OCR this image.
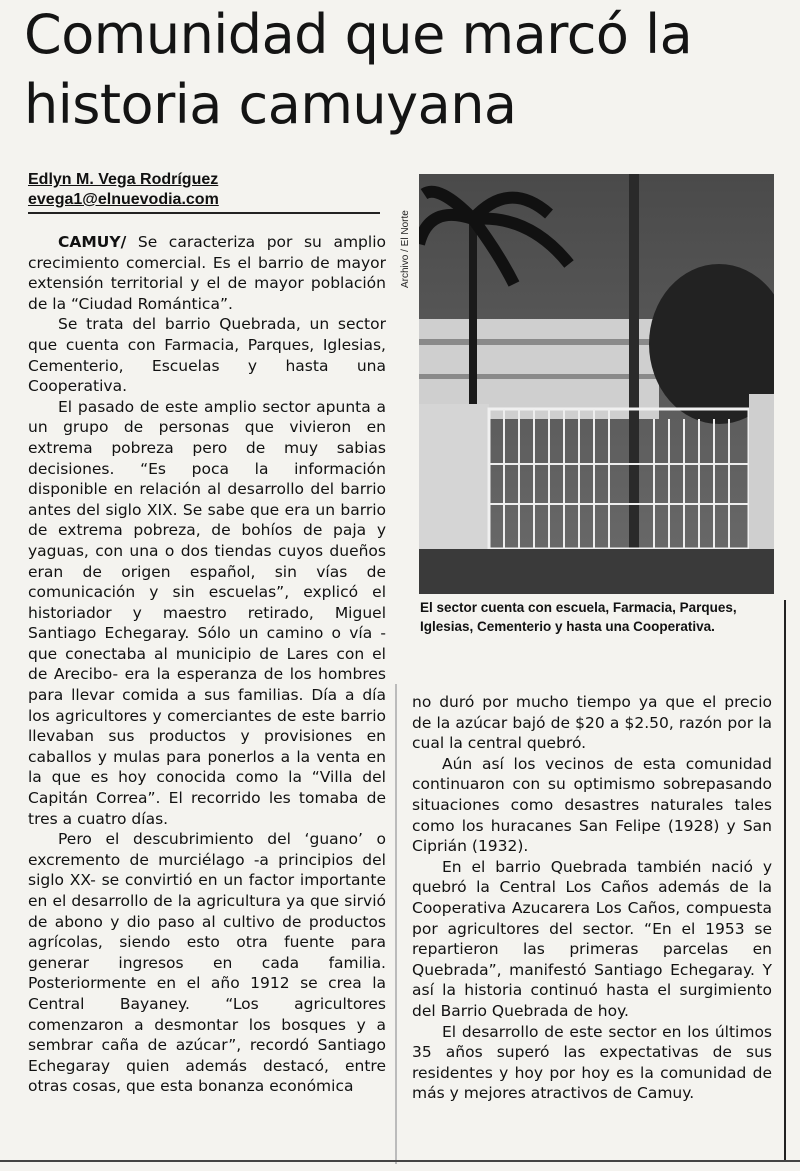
Comunidad que marcó la historia camuyana
Edlyn M. Vega Rodríguez
evega1@elnuevodia.com

CAMUY/ Se caracteriza por su amplio crecimiento comercial. Es el barrio de mayor extensión territorial y el de mayor población de la “Ciudad Romántica”.

Se trata del barrio Quebrada, un sector que cuenta con Farmacia, Parques, Iglesias, Cementerio, Escuelas y hasta una Cooperativa.

El pasado de este amplio sector apunta a un grupo de personas que vivieron en extrema pobreza pero de muy sabias decisiones. “Es poca la información disponible en relación al desarrollo del barrio antes del siglo XIX. Se sabe que era un barrio de extrema pobreza, de bohíos de paja y yaguas, con una o dos tiendas cuyos dueños eran de origen español, sin vías de comunicación y sin escuelas”, explicó el historiador y maestro retirado, Miguel Santiago Echegaray. Sólo un camino o vía -que conectaba al municipio de Lares con el de Arecibo- era la esperanza de los hombres para llevar comida a sus familias. Día a día los agricultores y comerciantes de este barrio llevaban sus productos y provisiones en caballos y mulas para ponerlos a la venta en la que es hoy conocida como la “Villa del Capitán Correa”. El recorrido les tomaba de tres a cuatro días.

Pero el descubrimiento del ‘guano’ o excremento de murciélago -a principios del siglo XX- se convirtió en un factor importante en el desarrollo de la agricultura ya que sirvió de abono y dio paso al cultivo de productos agrícolas, siendo esto otra fuente para generar ingresos en cada familia. Posteriormente en el año 1912 se crea la Central Bayaney. “Los agricultores comenzaron a desmontar los bosques y a sembrar caña de azúcar”, recordó Santiago Echegaray quien además destacó, entre otras cosas, que esta bonanza económica

Archivo / El Norte
El sector cuenta con escuela, Farmacia, Parques, Iglesias, Cementerio y hasta una Cooperativa.

no duró por mucho tiempo ya que el precio de la azúcar bajó de $20 a $2.50, razón por la cual la central quebró.

Aún así los vecinos de esta comunidad continuaron con su optimismo sobrepasando situaciones como desastres naturales tales como los huracanes San Felipe (1928) y San Ciprián (1932).

En el barrio Quebrada también nació y quebró la Central Los Caños además de la Cooperativa Azucarera Los Caños, compuesta por agricultores del sector. “En el 1953 se repartieron las primeras parcelas en Quebrada”, manifestó Santiago Echegaray. Y así la historia continuó hasta el surgimiento del Barrio Quebrada de hoy.

El desarrollo de este sector en los últimos 35 años superó las expectativas de sus residentes y hoy por hoy es la comunidad de más y mejores atractivos de Camuy.
